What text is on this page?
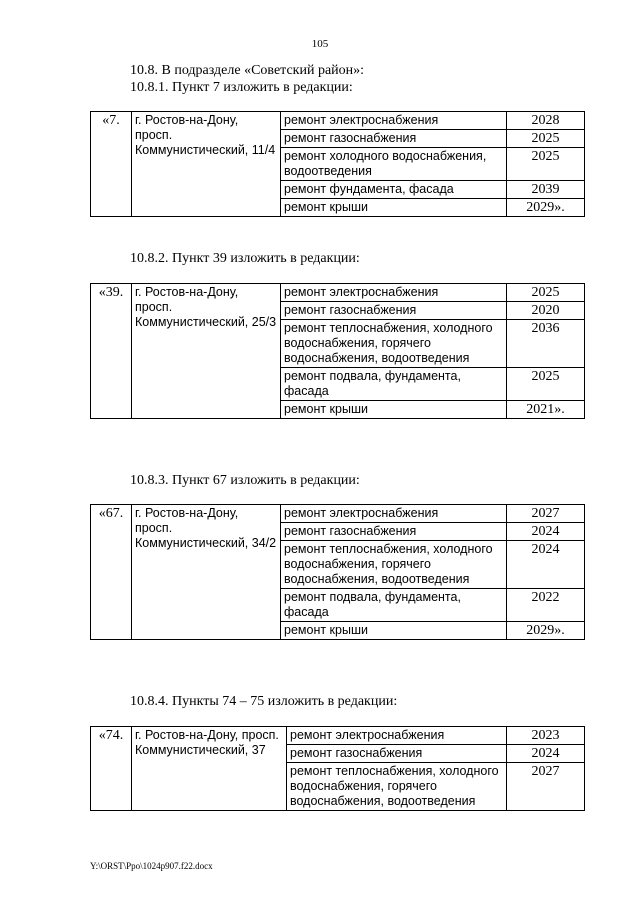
105
10.8. В подразделе «Советский район»:
10.8.1. Пункт 7 изложить в редакции:
«7.	г. Ростов-на-Дону, просп. Коммунистический, 11/4	ремонт электроснабжения	2028
		ремонт газоснабжения	2025
		ремонт холодного водоснабжения, водоотведения	2025
		ремонт фундамента, фасада	2039
		ремонт крыши	2029».
10.8.2. Пункт 39 изложить в редакции:
«39.	г. Ростов-на-Дону, просп. Коммунистический, 25/3	ремонт электроснабжения	2025
		ремонт газоснабжения	2020
		ремонт теплоснабжения, холодного водоснабжения, горячего водоснабжения, водоотведения	2036
		ремонт подвала, фундамента, фасада	2025
		ремонт крыши	2021».
10.8.3. Пункт 67 изложить в редакции:
«67.	г. Ростов-на-Дону, просп. Коммунистический, 34/2	ремонт электроснабжения	2027
		ремонт газоснабжения	2024
		ремонт теплоснабжения, холодного водоснабжения, горячего водоснабжения, водоотведения	2024
		ремонт подвала, фундамента, фасада	2022
		ремонт крыши	2029».
10.8.4. Пункты 74 – 75 изложить в редакции:
«74.	г. Ростов-на-Дону, просп. Коммунистический, 37	ремонт электроснабжения	2023
		ремонт газоснабжения	2024
		ремонт теплоснабжения, холодного водоснабжения, горячего водоснабжения, водоотведения	2027
Y:\ORST\Ppo\1024p907.f22.docx
